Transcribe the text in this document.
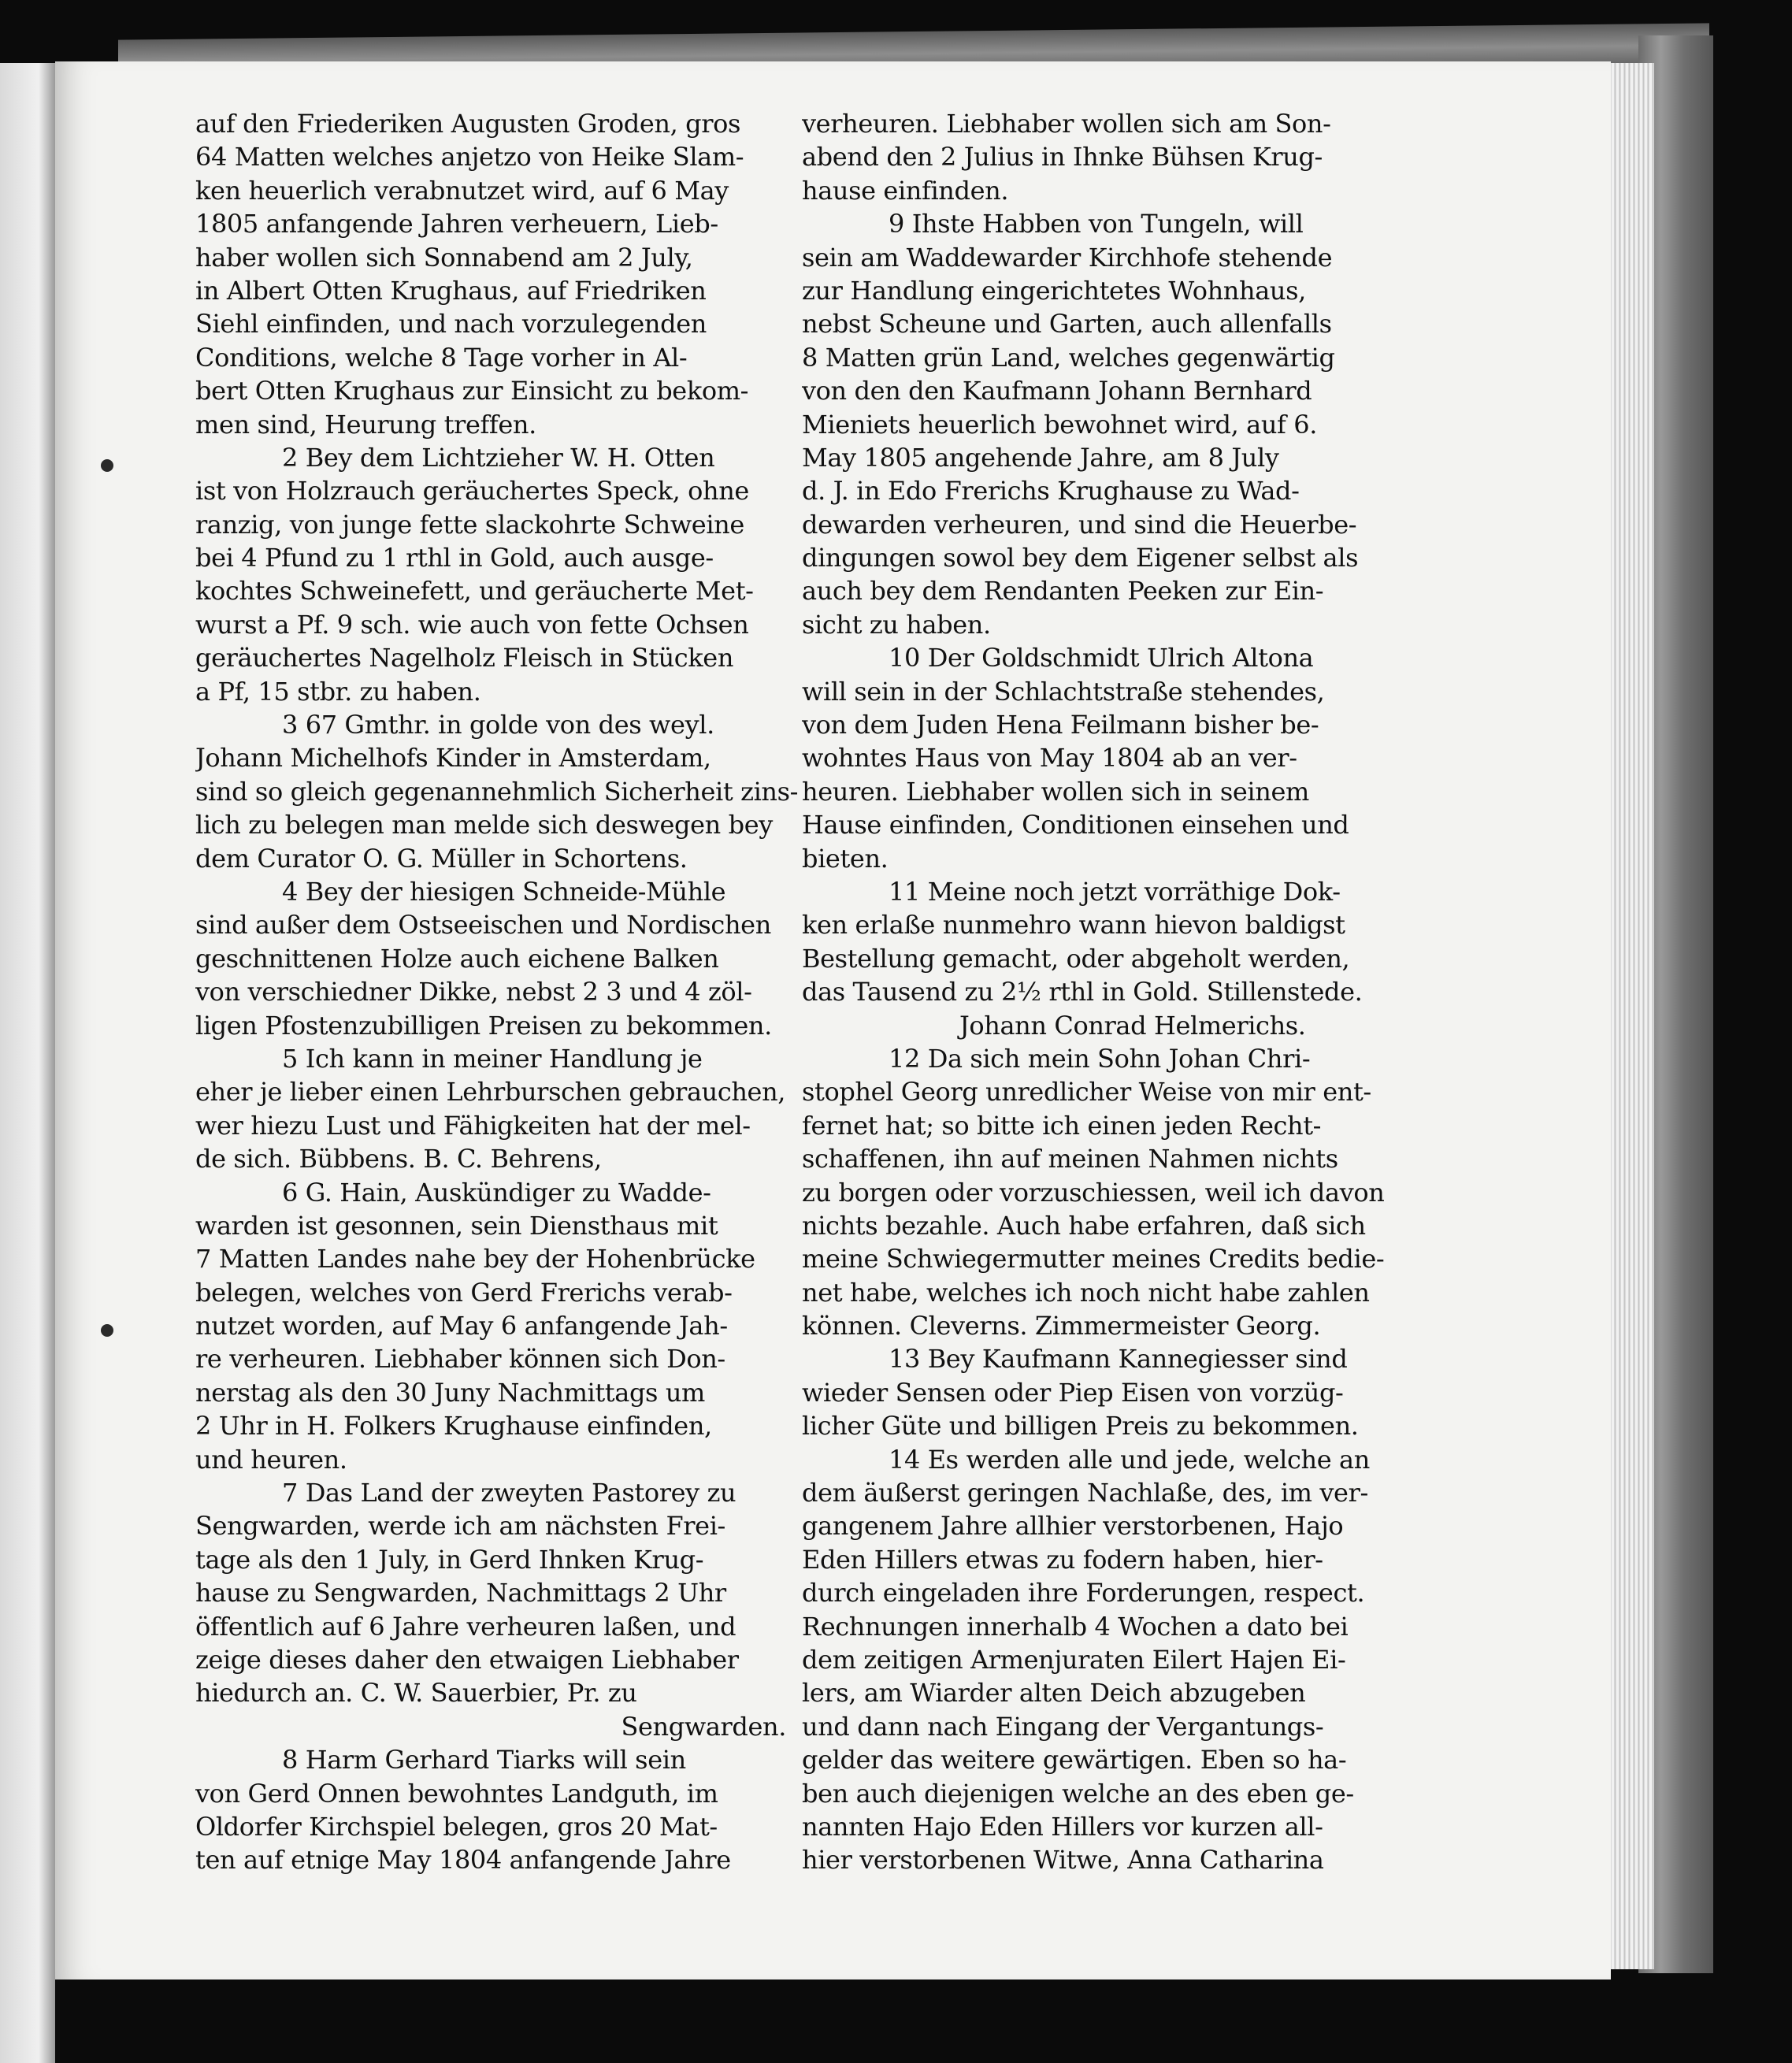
auf den Friederiken Augusten Groden, gros
64 Matten welches anjetzo von Heike Slam-
ken heuerlich verabnutzet wird, auf 6 May
1805 anfangende Jahren verheuern, Lieb-
haber wollen sich Sonnabend am 2 July,
in Albert Otten Krughaus, auf Friedriken
Siehl einfinden, und nach vorzulegenden
Conditions, welche 8 Tage vorher in Al-
bert Otten Krughaus zur Einsicht zu bekom-
men sind, Heurung treffen.
2 Bey dem Lichtzieher W. H. Otten
ist von Holzrauch geräuchertes Speck, ohne
ranzig, von junge fette slackohrte Schweine
bei 4 Pfund zu 1 rthl in Gold, auch ausge-
kochtes Schweinefett, und geräucherte Met-
wurst a Pf. 9 sch. wie auch von fette Ochsen
geräuchertes Nagelholz Fleisch in Stücken
a Pf, 15 stbr. zu haben.
3 67 Gmthr. in golde von des weyl.
Johann Michelhofs Kinder in Amsterdam,
sind so gleich gegenannehmlich Sicherheit zins-
lich zu belegen man melde sich deswegen bey
dem Curator O. G. Müller in Schortens.
4 Bey der hiesigen Schneide-Mühle
sind außer dem Ostseeischen und Nordischen
geschnittenen Holze auch eichene Balken
von verschiedner Dikke, nebst 2 3 und 4 zöl-
ligen Pfostenzubilligen Preisen zu bekommen.
5 Ich kann in meiner Handlung je
eher je lieber einen Lehrburschen gebrauchen,
wer hiezu Lust und Fähigkeiten hat der mel-
de sich. Bübbens. B. C. Behrens,
6 G. Hain, Auskündiger zu Wadde-
warden ist gesonnen, sein Diensthaus mit
7 Matten Landes nahe bey der Hohenbrücke
belegen, welches von Gerd Frerichs verab-
nutzet worden, auf May 6 anfangende Jah-
re verheuren. Liebhaber können sich Don-
nerstag als den 30 Juny Nachmittags um
2 Uhr in H. Folkers Krughause einfinden,
und heuren.
7 Das Land der zweyten Pastorey zu
Sengwarden, werde ich am nächsten Frei-
tage als den 1 July, in Gerd Ihnken Krug-
hause zu Sengwarden, Nachmittags 2 Uhr
öffentlich auf 6 Jahre verheuren laßen, und
zeige dieses daher den etwaigen Liebhaber
hiedurch an. C. W. Sauerbier, Pr. zu
Sengwarden.
8 Harm Gerhard Tiarks will sein
von Gerd Onnen bewohntes Landguth, im
Oldorfer Kirchspiel belegen, gros 20 Mat-
ten auf etnige May 1804 anfangende Jahre
verheuren. Liebhaber wollen sich am Son-
abend den 2 Julius in Ihnke Bühsen Krug-
hause einfinden.
9 Ihste Habben von Tungeln, will
sein am Waddewarder Kirchhofe stehende
zur Handlung eingerichtetes Wohnhaus,
nebst Scheune und Garten, auch allenfalls
8 Matten grün Land, welches gegenwärtig
von den den Kaufmann Johann Bernhard
Mieniets heuerlich bewohnet wird, auf 6.
May 1805 angehende Jahre, am 8 July
d. J. in Edo Frerichs Krughause zu Wad-
dewarden verheuren, und sind die Heuerbe-
dingungen sowol bey dem Eigener selbst als
auch bey dem Rendanten Peeken zur Ein-
sicht zu haben.
10 Der Goldschmidt Ulrich Altona
will sein in der Schlachtstraße stehendes,
von dem Juden Hena Feilmann bisher be-
wohntes Haus von May 1804 ab an ver-
heuren. Liebhaber wollen sich in seinem
Hause einfinden, Conditionen einsehen und
bieten.
11 Meine noch jetzt vorräthige Dok-
ken erlaße nunmehro wann hievon baldigst
Bestellung gemacht, oder abgeholt werden,
das Tausend zu 2½ rthl in Gold. Stillenstede.
Johann Conrad Helmerichs.
12 Da sich mein Sohn Johan Chri-
stophel Georg unredlicher Weise von mir ent-
fernet hat; so bitte ich einen jeden Recht-
schaffenen, ihn auf meinen Nahmen nichts
zu borgen oder vorzuschiessen, weil ich davon
nichts bezahle. Auch habe erfahren, daß sich
meine Schwiegermutter meines Credits bedie-
net habe, welches ich noch nicht habe zahlen
können. Cleverns. Zimmermeister Georg.
13 Bey Kaufmann Kannegiesser sind
wieder Sensen oder Piep Eisen von vorzüg-
licher Güte und billigen Preis zu bekommen.
14 Es werden alle und jede, welche an
dem äußerst geringen Nachlaße, des, im ver-
gangenem Jahre allhier verstorbenen, Hajo
Eden Hillers etwas zu fodern haben, hier-
durch eingeladen ihre Forderungen, respect.
Rechnungen innerhalb 4 Wochen a dato bei
dem zeitigen Armenjuraten Eilert Hajen Ei-
lers, am Wiarder alten Deich abzugeben
und dann nach Eingang der Vergantungs-
gelder das weitere gewärtigen. Eben so ha-
ben auch diejenigen welche an des eben ge-
nannten Hajo Eden Hillers vor kurzen all-
hier verstorbenen Witwe, Anna Catharina
